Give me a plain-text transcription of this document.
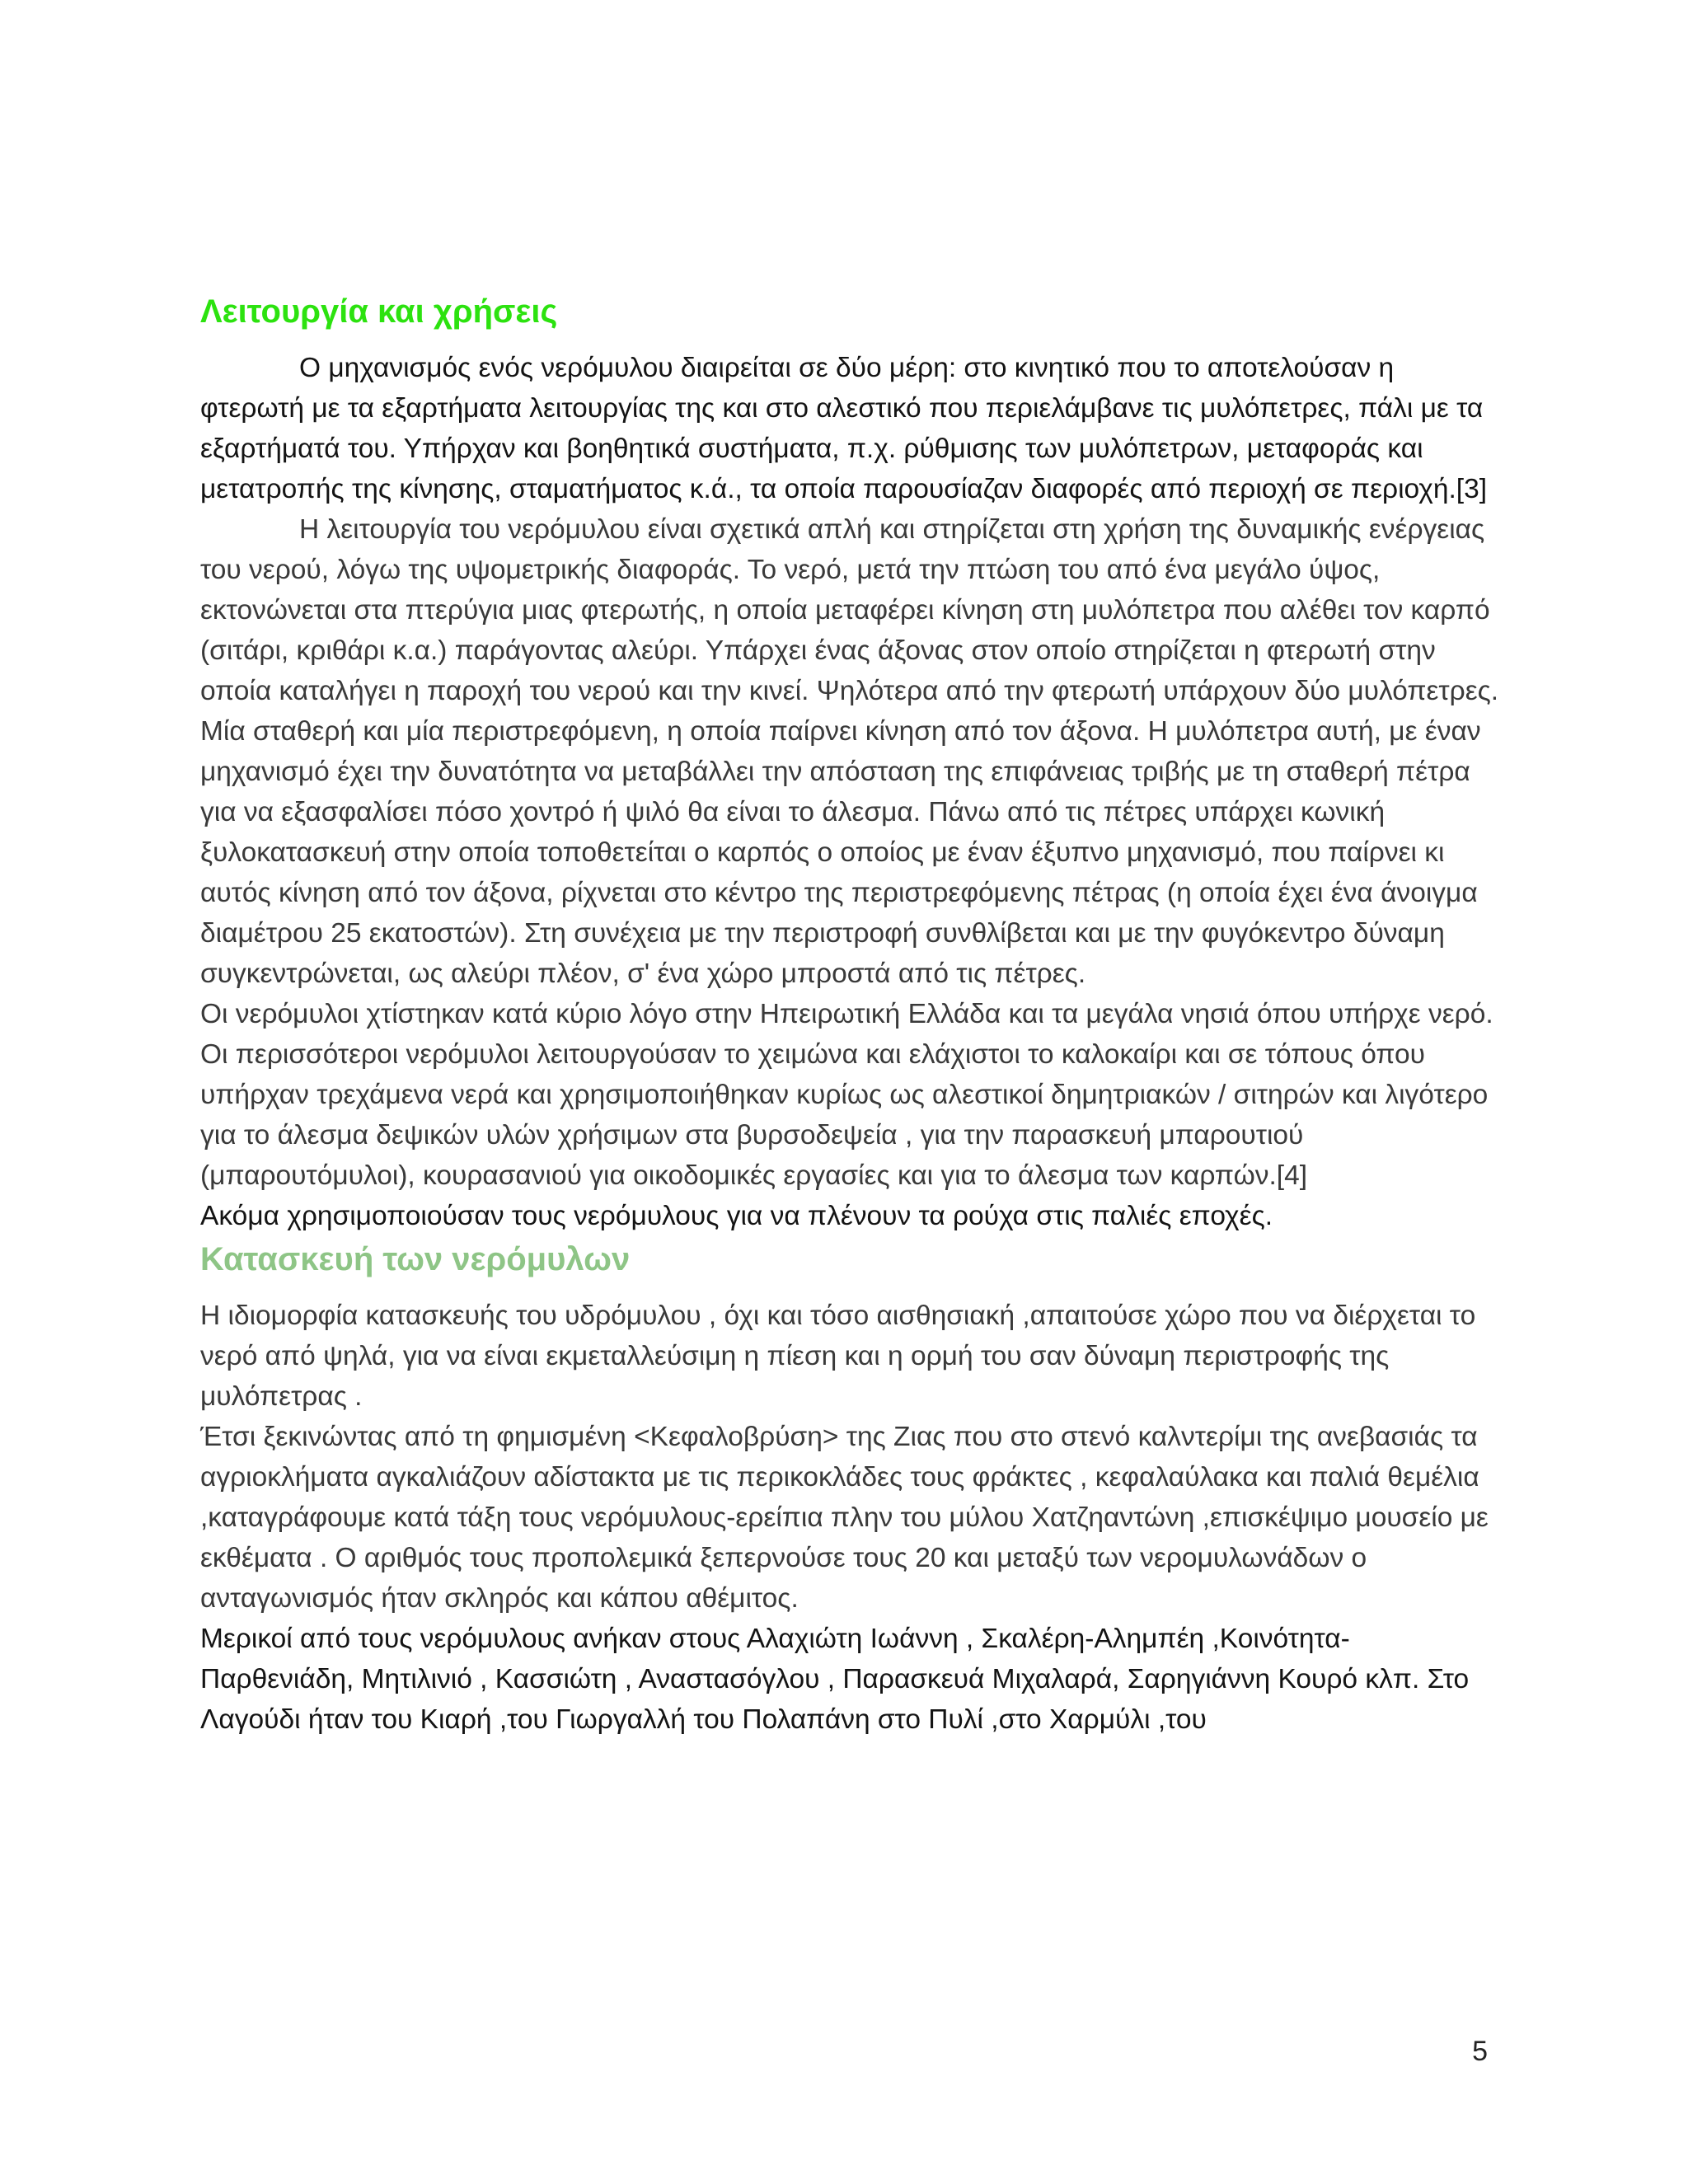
Λειτουργία και χρήσεις

Ο μηχανισμός ενός νερόμυλου διαιρείται σε δύο μέρη: στο κινητικό που το αποτελούσαν η φτερωτή με τα εξαρτήματα λειτουργίας της και στο αλεστικό που περιελάμβανε τις μυλόπετρες, πάλι με τα εξαρτήματά του. Υπήρχαν και βοηθητικά συστήματα, π.χ. ρύθμισης των μυλόπετρων, μεταφοράς και μετατροπής της κίνησης, σταματήματος κ.ά., τα οποία παρουσίαζαν διαφορές από περιοχή σε περιοχή.[3]

Η λειτουργία του νερόμυλου είναι σχετικά απλή και στηρίζεται στη χρήση της δυναμικής ενέργειας του νερού, λόγω της υψομετρικής διαφοράς. Το νερό, μετά την πτώση του από ένα μεγάλο ύψος, εκτονώνεται στα πτερύγια μιας φτερωτής, η οποία μεταφέρει κίνηση στη μυλόπετρα που αλέθει τον καρπό (σιτάρι, κριθάρι κ.α.) παράγοντας αλεύρι. Υπάρχει ένας άξονας στον οποίο στηρίζεται η φτερωτή στην οποία καταλήγει η παροχή του νερού και την κινεί. Ψηλότερα από την φτερωτή υπάρχουν δύο μυλόπετρες. Μία σταθερή και μία περιστρεφόμενη, η οποία παίρνει κίνηση από τον άξονα. Η μυλόπετρα αυτή, με έναν μηχανισμό έχει την δυνατότητα να μεταβάλλει την απόσταση της επιφάνειας τριβής με τη σταθερή πέτρα για να εξασφαλίσει πόσο χοντρό ή ψιλό θα είναι το άλεσμα. Πάνω από τις πέτρες υπάρχει κωνική ξυλοκατασκευή στην οποία τοποθετείται ο καρπός ο οποίος με έναν έξυπνο μηχανισμό, που παίρνει κι αυτός κίνηση από τον άξονα, ρίχνεται στο κέντρο της περιστρεφόμενης πέτρας (η οποία έχει ένα άνοιγμα διαμέτρου 25 εκατοστών). Στη συνέχεια με την περιστροφή συνθλίβεται και με την φυγόκεντρο δύναμη συγκεντρώνεται, ως αλεύρι πλέον, σ' ένα χώρο μπροστά από τις πέτρες.

Οι νερόμυλοι χτίστηκαν κατά κύριο λόγο στην Ηπειρωτική Ελλάδα και τα μεγάλα νησιά όπου υπήρχε νερό. Οι περισσότεροι νερόμυλοι λειτουργούσαν το χειμώνα και ελάχιστοι το καλοκαίρι και σε τόπους όπου υπήρχαν τρεχάμενα νερά και χρησιμοποιήθηκαν κυρίως ως αλεστικοί δημητριακών / σιτηρών και λιγότερο για το άλεσμα δεψικών υλών χρήσιμων στα βυρσοδεψεία , για την παρασκευή μπαρουτιού (μπαρουτόμυλοι), κουρασανιού για οικοδομικές εργασίες και για το άλεσμα των καρπών.[4]

Ακόμα χρησιμοποιούσαν τους νερόμυλους για να πλένουν τα ρούχα στις παλιές εποχές.

Κατασκευή των νερόμυλων

Η ιδιομορφία κατασκευής του υδρόμυλου , όχι και τόσο αισθησιακή ,απαιτούσε χώρο που να διέρχεται το νερό από ψηλά, για να είναι εκμεταλλεύσιμη η πίεση και η ορμή του σαν δύναμη περιστροφής της μυλόπετρας .

Έτσι ξεκινώντας από τη φημισμένη <Κεφαλοβρύση> της Ζιας που στο στενό καλντερίμι της ανεβασιάς τα αγριοκλήματα αγκαλιάζουν αδίστακτα με τις περικοκλάδες τους φράκτες , κεφαλαύλακα και παλιά θεμέλια ,καταγράφουμε κατά τάξη τους νερόμυλους-ερείπια πλην του μύλου Χατζηαντώνη ,επισκέψιμο μουσείο με εκθέματα . Ο αριθμός τους προπολεμικά ξεπερνούσε τους 20 και μεταξύ των νερομυλωνάδων ο ανταγωνισμός ήταν σκληρός και κάπου αθέμιτος.

Μερικοί από τους νερόμυλους ανήκαν στους Αλαχιώτη Ιωάννη , Σκαλέρη-Αλημπέη ,Κοινότητα- Παρθενιάδη, Μητιλινιό , Κασσιώτη , Αναστασόγλου , Παρασκευά Μιχαλαρά, Σαρηγιάννη Κουρό κλπ. Στο Λαγούδι ήταν του Κιαρή ,του Γιωργαλλή του Πολαπάνη στο Πυλί ,στο Χαρμύλι ,του

5
